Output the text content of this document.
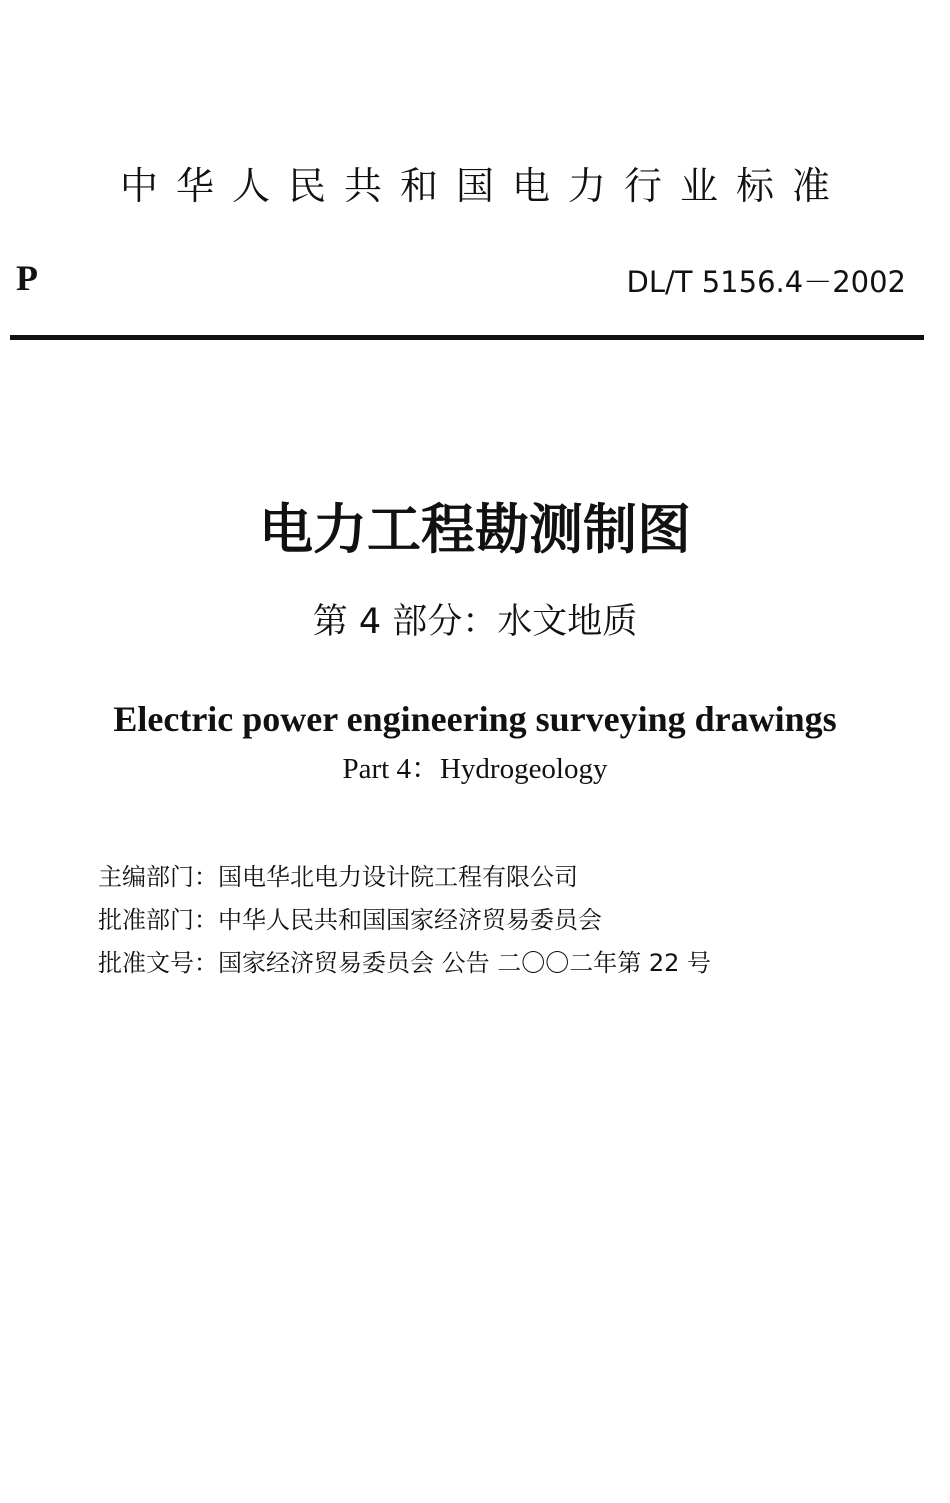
中华人民共和国电力行业标准
P	DL/T 5156.4－2002
电力工程勘测制图
第 4 部分：水文地质
Electric power engineering surveying drawings
Part 4：Hydrogeology
主编部门：国电华北电力设计院工程有限公司
批准部门：中华人民共和国国家经济贸易委员会
批准文号：国家经济贸易委员会 公告 二〇〇二年第 22 号
